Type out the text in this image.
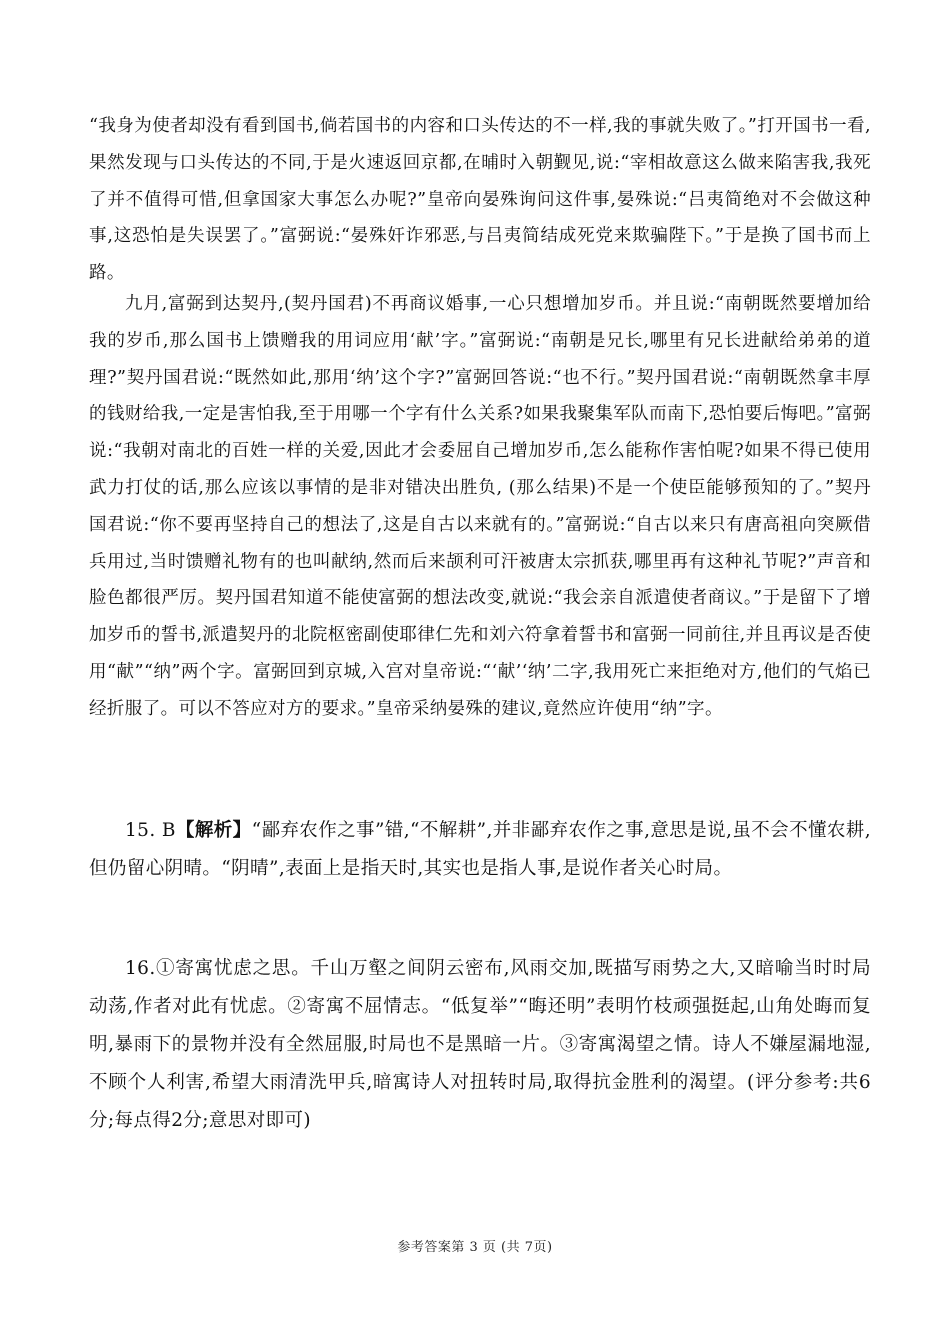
“我身为使者却没有看到国书,倘若国书的内容和口头传达的不一样,我的事就失败了。”打开国书一看,果然发现与口头传达的不同,于是火速返回京都,在晡时入朝觐见,说:“宰相故意这么做来陷害我,我死了并不值得可惜,但拿国家大事怎么办呢?”皇帝向晏殊询问这件事,晏殊说:“吕夷简绝对不会做这种事,这恐怕是失误罢了。”富弼说:“晏殊奸诈邪恶,与吕夷简结成死党来欺骗陛下。”于是换了国书而上路。

九月,富弼到达契丹,(契丹国君)不再商议婚事,一心只想增加岁币。并且说:“南朝既然要增加给我的岁币,那么国书上馈赠我的用词应用‘献’字。”富弼说:“南朝是兄长,哪里有兄长进献给弟弟的道理?”契丹国君说:“既然如此,那用‘纳’这个字?”富弼回答说:“也不行。”契丹国君说:“南朝既然拿丰厚的钱财给我,一定是害怕我,至于用哪一个字有什么关系?如果我聚集军队而南下,恐怕要后悔吧。”富弼说:“我朝对南北的百姓一样的关爱,因此才会委屈自己增加岁币,怎么能称作害怕呢?如果不得已使用武力打仗的话,那么应该以事情的是非对错决出胜负, (那么结果)不是一个使臣能够预知的了。”契丹国君说:“你不要再坚持自己的想法了,这是自古以来就有的。”富弼说:“自古以来只有唐高祖向突厥借兵用过,当时馈赠礼物有的也叫献纳,然而后来颉利可汗被唐太宗抓获,哪里再有这种礼节呢?”声音和脸色都很严厉。契丹国君知道不能使富弼的想法改变,就说:“我会亲自派遣使者商议。”于是留下了增加岁币的誓书,派遣契丹的北院枢密副使耶律仁先和刘六符拿着誓书和富弼一同前往,并且再议是否使用“献”“纳”两个字。富弼回到京城,入宫对皇帝说:“‘献’‘纳’二字,我用死亡来拒绝对方,他们的气焰已经折服了。可以不答应对方的要求。”皇帝采纳晏殊的建议,竟然应许使用“纳”字。

15. B【解析】“鄙弃农作之事”错,“不解耕”,并非鄙弃农作之事,意思是说,虽不会不懂农耕,但仍留心阴晴。“阴晴”,表面上是指天时,其实也是指人事,是说作者关心时局。

16.①寄寓忧虑之思。千山万壑之间阴云密布,风雨交加,既描写雨势之大,又暗喻当时时局动荡,作者对此有忧虑。②寄寓不屈情志。“低复举”“晦还明”表明竹枝顽强挺起,山角处晦而复明,暴雨下的景物并没有全然屈服,时局也不是黑暗一片。③寄寓渴望之情。诗人不嫌屋漏地湿,不顾个人利害,希望大雨清洗甲兵,暗寓诗人对扭转时局,取得抗金胜利的渴望。(评分参考:共6分;每点得2分;意思对即可)

参考答案第 3 页 (共 7页)
